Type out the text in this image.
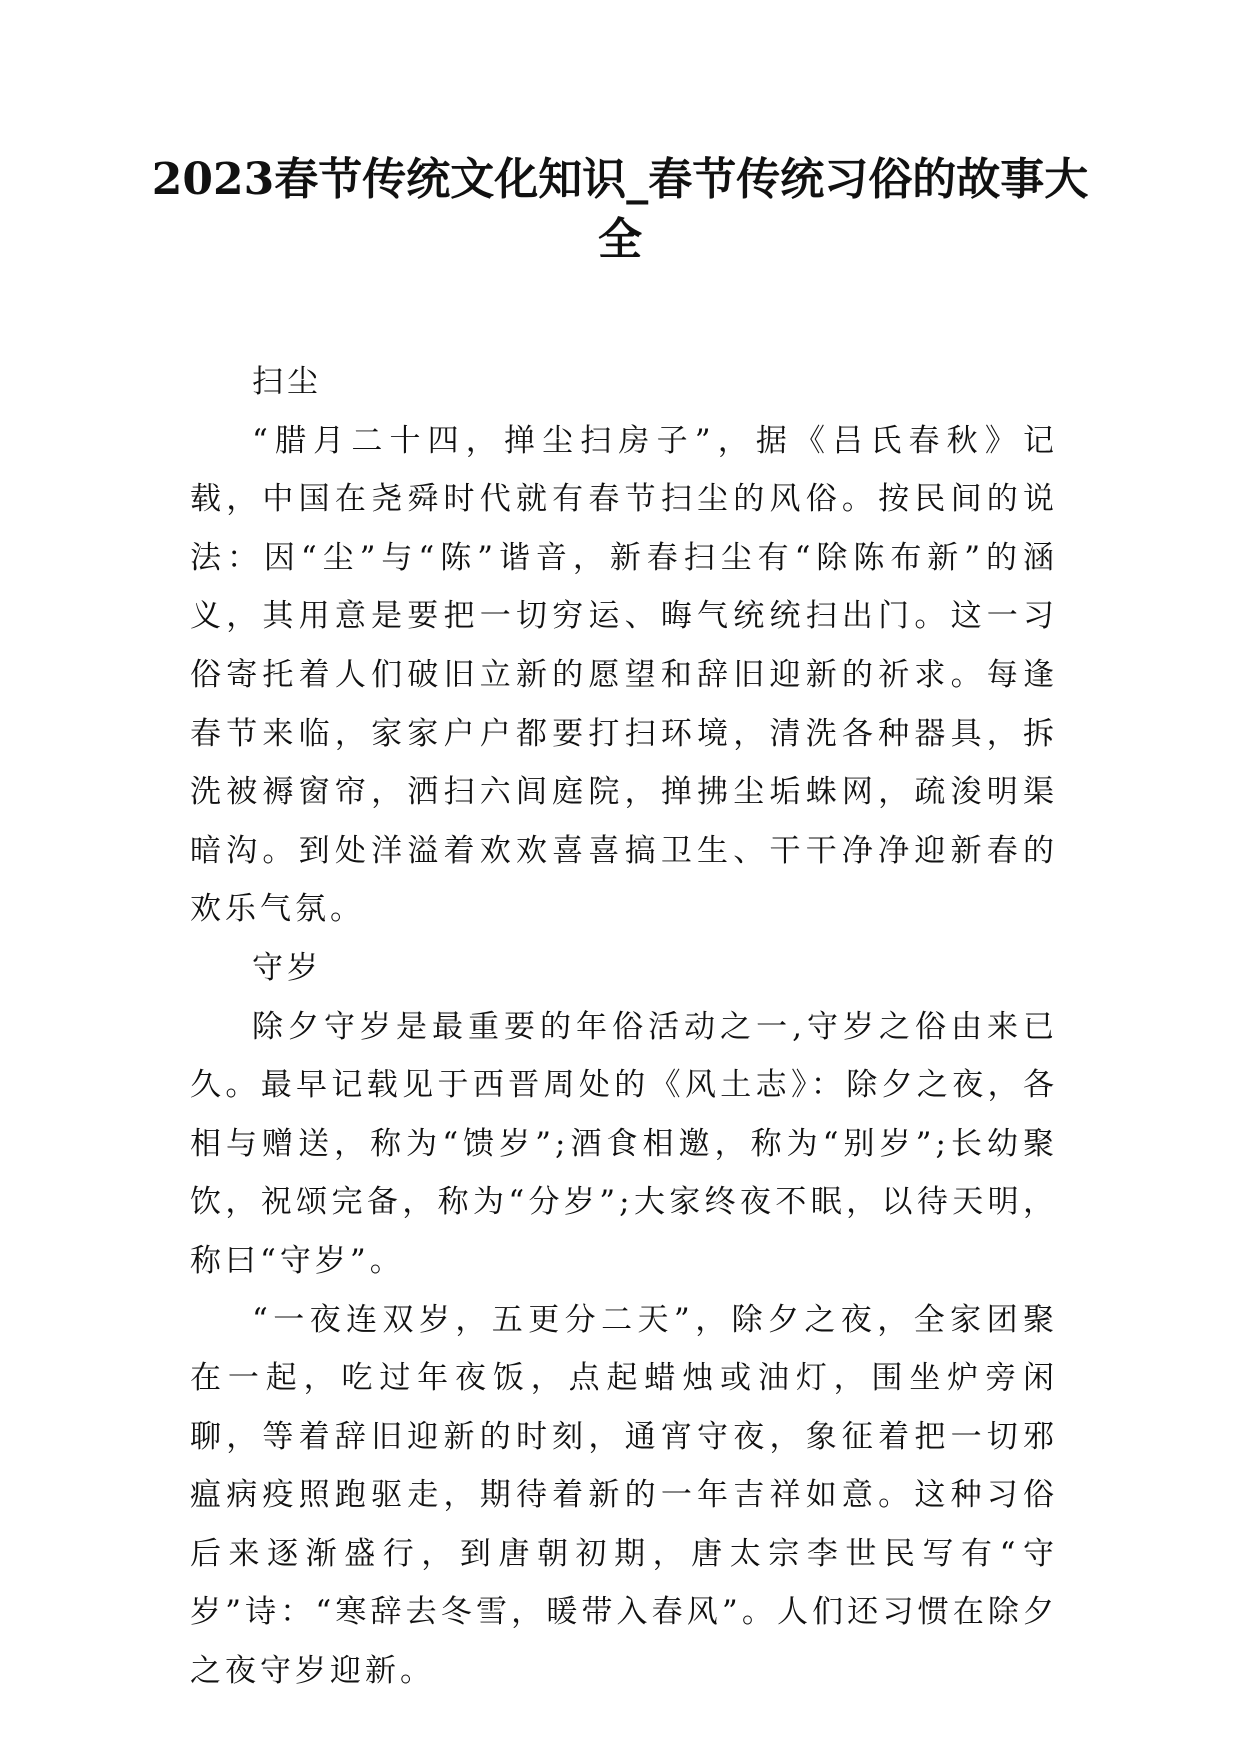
2023春节传统文化知识_春节传统习俗的故事大全

扫尘

“腊月二十四，掸尘扫房子”，据《吕氏春秋》记载，中国在尧舜时代就有春节扫尘的风俗。按民间的说法：因“尘”与“陈”谐音，新春扫尘有“除陈布新”的涵义，其用意是要把一切穷运、晦气统统扫出门。这一习俗寄托着人们破旧立新的愿望和辞旧迎新的祈求。每逢春节来临，家家户户都要打扫环境，清洗各种器具，拆洗被褥窗帘，洒扫六闾庭院，掸拂尘垢蛛网，疏浚明渠暗沟。到处洋溢着欢欢喜喜搞卫生、干干净净迎新春的欢乐气氛。

守岁

除夕守岁是最重要的年俗活动之一,守岁之俗由来已久。最早记载见于西晋周处的《风土志》：除夕之夜，各相与赠送，称为“馈岁”;酒食相邀，称为“别岁”;长幼聚饮，祝颂完备，称为“分岁”;大家终夜不眠，以待天明，称曰“守岁”。

“一夜连双岁，五更分二天”，除夕之夜，全家团聚在一起，吃过年夜饭，点起蜡烛或油灯，围坐炉旁闲聊，等着辞旧迎新的时刻，通宵守夜，象征着把一切邪瘟病疫照跑驱走，期待着新的一年吉祥如意。这种习俗后来逐渐盛行，到唐朝初期，唐太宗李世民写有“守岁”诗：“寒辞去冬雪，暖带入春风”。人们还习惯在除夕之夜守岁迎新。
